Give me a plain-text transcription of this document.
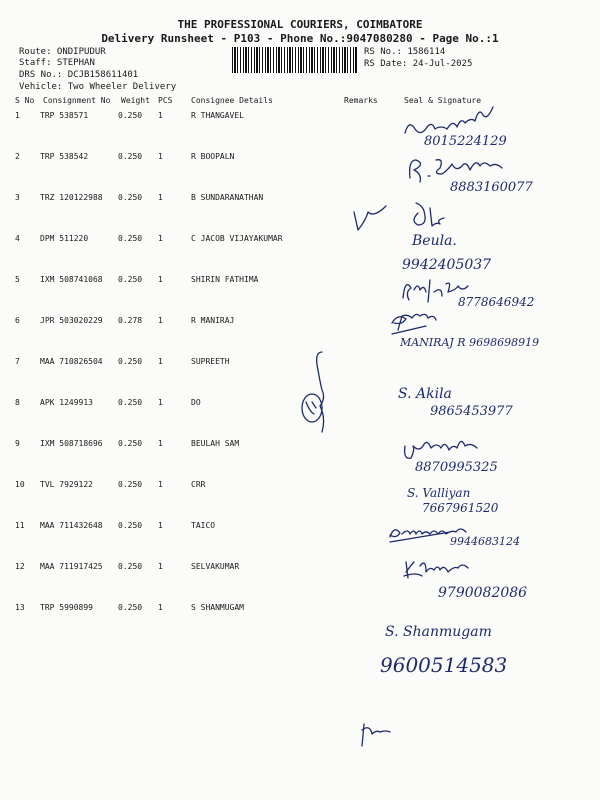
THE PROFESSIONAL COURIERS, COIMBATORE
Delivery Runsheet - P103 - Phone No.:9047080280 - Page No.:1
Route: ONDIPUDUR
Staff: STEPHAN
DRS No.: DCJB158611401
Vehicle: Two Wheeler Delivery
RS No.: 1586114
RS Date: 24-Jul-2025
S No Consignment No Weight PCS Consignee Details	Remarks	Seal & Signature
1	TRP 538571	0.250 1	R THANGAVEL
2	TRP 538542	0.250 1	R BOOPALN
3	TRZ 120122988 0.250 1	B SUNDARANATHAN
4	DPM 511220	0.250 1	C JACOB VIJAYAKUMAR
5	IXM 508741068 0.250 1	SHIRIN FATHIMA
6	JPR 503020229 0.278 1	R MANIRAJ
7	MAA 710826504 0.250 1	SUPREETH
8	APK 1249913	0.250 1	DO
9	IXM 508718696 0.250 1	BEULAH SAM
10 TVL 7929122	0.250 1	CRR
11 MAA 711432648 0.250 1	TAICO
12 MAA 711917425 0.250 1	SELVAKUMAR
13 TRP 5990899	0.250 1	S SHANMUGAM
8015224129
8883160077
Beula.
9942405037
8778646942
MANIRAJ R 9698698919
S. Akila
9865453977
8870995325
S. Valliyan
7667961520
9944683124
9790082086
S. Shanmugam
9600514583
